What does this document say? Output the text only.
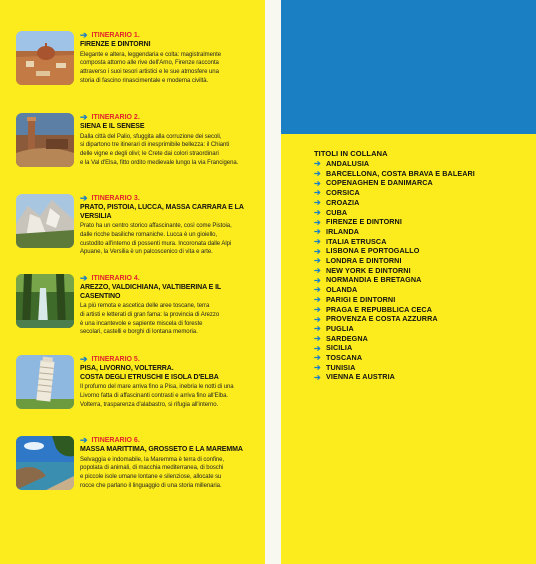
➔ ITINERARIO 1.
FIRENZE E DINTORNI
Elegante e altera, leggendaria e colta: magistralmente
composta attorno alle rive dell'Arno, Firenze racconta
attraverso i suoi tesori artistici e le sue atmosfere una
storia di fascino rinascimentale e moderna civiltà.
➔ ITINERARIO 2.
SIENA E IL SENESE
Dalla città del Palio, sfuggita alla corruzione dei secoli,
si dipartono tre itinerari di inesprimibile bellezza: il Chianti
delle vigne e degli olivi; le Crete dai colori straordinari
e la Val d'Elsa, fitto ordito medievale lungo la via Francigena.
➔ ITINERARIO 3.
PRATO, PISTOIA, LUCCA, MASSA CARRARA E LA VERSILIA
Prato ha un centro storico affascinante, così come Pistoia,
dalle ricche basiliche romaniche. Lucca è un gioiello,
custodito all'interno di possenti mura. Incoronata dalle Alpi
Apuane, la Versilia è un palcoscenico di vita e arte.
➔ ITINERARIO 4.
AREZZO, VALDICHIANA, VALTIBERINA E IL CASENTINO
La più remota e ascetica delle aree toscane, terra
di artisti e letterati di gran fama: la provincia di Arezzo
è una incantevole e sapiente miscela di foreste
secolari, castelli e borghi di lontana memoria.
➔ ITINERARIO 5.
PISA, LIVORNO, VOLTERRA.
COSTA DEGLI ETRUSCHI E ISOLA D'ELBA
Il profumo del mare arriva fino a Pisa, inebria le notti di una
Livorno fatta di affascinanti contrasti e arriva fino all'Elba.
Volterra, trasparenza d'alabastro, si rifugia all'interno.
➔ ITINERARIO 6.
MASSA MARITTIMA, GROSSETO E LA MAREMMA
Selvaggia e indomabile, la Maremma è terra di confine,
popolata di animali, di macchia mediterranea, di boschi
e piccole isole umane lontane e silenziose, allocate su
rocce che parlano il linguaggio di una storia millenaria.
TITOLI IN COLLANA
➔ ANDALUSIA
➔ BARCELLONA, COSTA BRAVA E BALEARI
➔ COPENAGHEN E DANIMARCA
➔ CORSICA
➔ CROAZIA
➔ CUBA
➔ FIRENZE E DINTORNI
➔ IRLANDA
➔ ITALIA ETRUSCA
➔ LISBONA E PORTOGALLO
➔ LONDRA E DINTORNI
➔ NEW YORK E DINTORNI
➔ NORMANDIA E BRETAGNA
➔ OLANDA
➔ PARIGI E DINTORNI
➔ PRAGA E REPUBBLICA CECA
➔ PROVENZA E COSTA AZZURRA
➔ PUGLIA
➔ SARDEGNA
➔ SICILIA
➔ TOSCANA
➔ TUNISIA
➔ VIENNA E AUSTRIA
